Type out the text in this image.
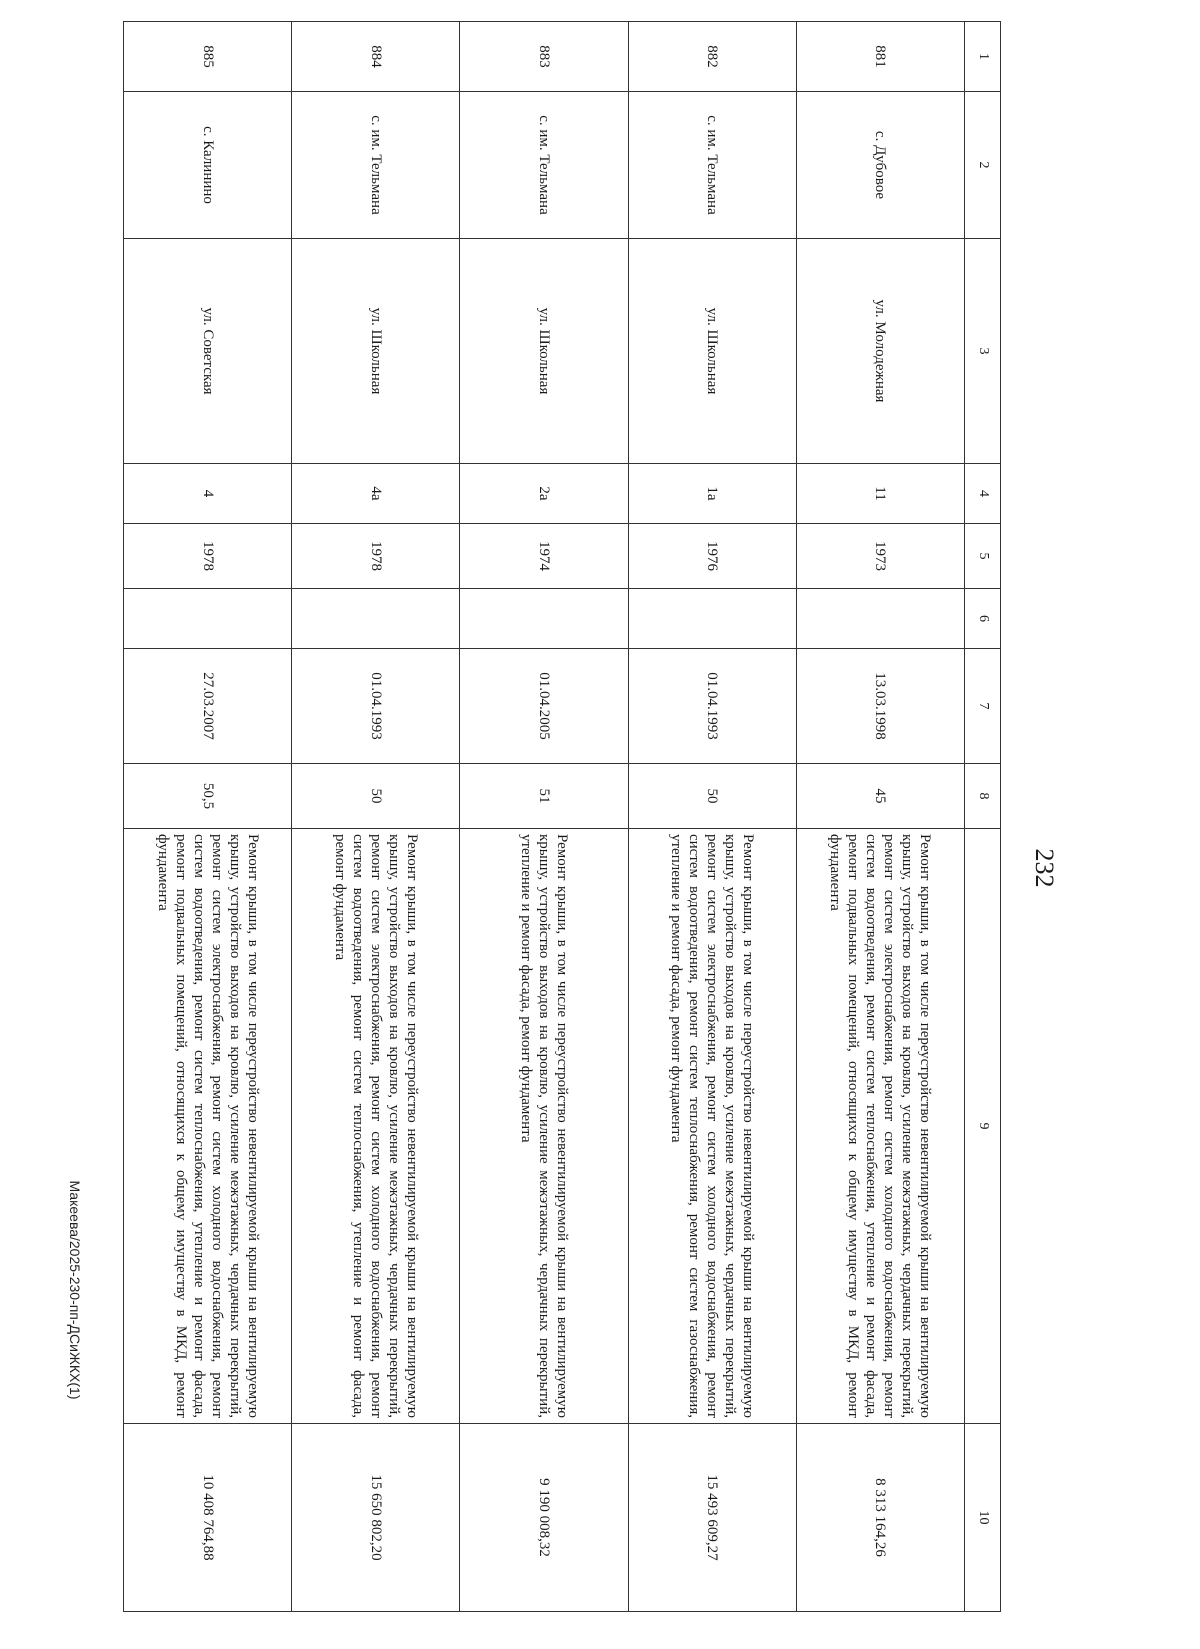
232
1	2	3	4	5	6	7	8	9	10
881	с. Дубовое	ул. Молодежная	11	1973		13.03.1998	45	Ремонт крыши, в том числе переустройство невентилируемой крыши на вентилируемую крышу, устройство выходов на кровлю, усиление межэтажных, чердачных перекрытий, ремонт систем электроснабжения, ремонт систем холодного водоснабжения, ремонт систем водоотведения, ремонт систем теплоснабжения, утепление и ремонт фасада, ремонт подвальных помещений, относящихся к общему имуществу в МКД, ремонт фундамента	8 313 164,26
882	с. им. Тельмана	ул. Школьная	1а	1976		01.04.1993	50	Ремонт крыши, в том числе переустройство невентилируемой крыши на вентилируемую крышу, устройство выходов на кровлю, усиление межэтажных, чердачных перекрытий, ремонт систем электроснабжения, ремонт систем холодного водоснабжения, ремонт систем водоотведения, ремонт систем теплоснабжения, ремонт систем газоснабжения, утепление и ремонт фасада, ремонт фундамента	15 493 609,27
883	с. им. Тельмана	ул. Школьная	2а	1974		01.04.2005	51	Ремонт крыши, в том числе переустройство невентилируемой крыши на вентилируемую крышу, устройство выходов на кровлю, усиление межэтажных, чердачных перекрытий, утепление и ремонт фасада, ремонт фундамента	9 190 008,32
884	с. им. Тельмана	ул. Школьная	4а	1978		01.04.1993	50	Ремонт крыши, в том числе переустройство невентилируемой крыши на вентилируемую крышу, устройство выходов на кровлю, усиление межэтажных, чердачных перекрытий, ремонт систем электроснабжения, ремонт систем холодного водоснабжения, ремонт систем водоотведения, ремонт систем теплоснабжения, утепление и ремонт фасада, ремонт фундамента	15 650 802,20
885	с. Калинино	ул. Советская	4	1978		27.03.2007	50,5	Ремонт крыши, в том числе переустройство невентилируемой крыши на вентилируемую крышу, устройство выходов на кровлю, усиление межэтажных, чердачных перекрытий, ремонт систем электроснабжения, ремонт систем холодного водоснабжения, ремонт систем водоотведения, ремонт систем теплоснабжения, утепление и ремонт фасада, ремонт подвальных помещений, относящихся к общему имуществу в МКД, ремонт фундамента	10 408 764,88
Макеева/2025-230-пп-ДСиЖКХ(1)
